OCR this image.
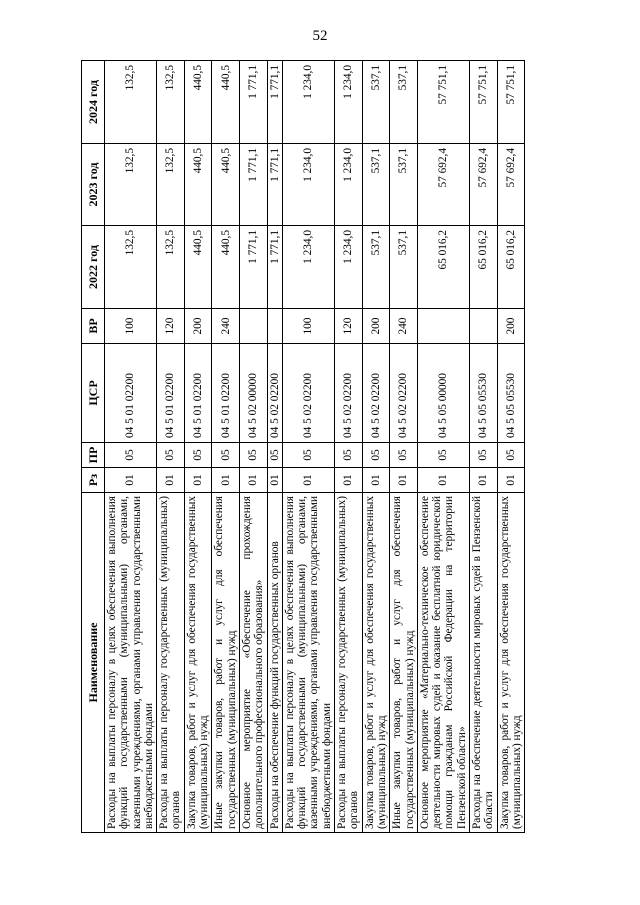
52
Наименование	Рз	ПР	ЦСР	ВР	2022 год	2023 год	2024 год
Расходы на выплаты персоналу в целях обеспечения выполнения функций государственными (муниципальными) органами, казенными учреждениями, органами управления государственными внебюджетными фондами	01	05	04 5 01 02200	100	132,5	132,5	132,5
Расходы на выплаты персоналу государственных (муниципальных) органов	01	05	04 5 01 02200	120	132,5	132,5	132,5
Закупка товаров, работ и услуг для обеспечения государственных (муниципальных) нужд	01	05	04 5 01 02200	200	440,5	440,5	440,5
Иные закупки товаров, работ и услуг для обеспечения государственных (муниципальных) нужд	01	05	04 5 01 02200	240	440,5	440,5	440,5
Основное мероприятие «Обеспечение прохождения дополнительного профессионального образования»	01	05	04 5 02 00000		1 771,1	1 771,1	1 771,1
Расходы на обеспечение функций государственных органов	01	05	04 5 02 02200		1 771,1	1 771,1	1 771,1
Расходы на выплаты персоналу в целях обеспечения выполнения функций государственными (муниципальными) органами, казенными учреждениями, органами управления государственными внебюджетными фондами	01	05	04 5 02 02200	100	1 234,0	1 234,0	1 234,0
Расходы на выплаты персоналу государственных (муниципальных) органов	01	05	04 5 02 02200	120	1 234,0	1 234,0	1 234,0
Закупка товаров, работ и услуг для обеспечения государственных (муниципальных) нужд	01	05	04 5 02 02200	200	537,1	537,1	537,1
Иные закупки товаров, работ и услуг для обеспечения государственных (муниципальных) нужд	01	05	04 5 02 02200	240	537,1	537,1	537,1
Основное мероприятие «Материально-техническое обеспечение деятельности мировых судей и оказание бесплатной юридической помощи гражданам Российской Федерации на территории Пензенской области»	01	05	04 5 05 00000		65 016,2	57 692,4	57 751,1
Расходы на обеспечение деятельности мировых судей в Пензенской области	01	05	04 5 05 05530		65 016,2	57 692,4	57 751,1
Закупка товаров, работ и услуг для обеспечения государственных (муниципальных) нужд	01	05	04 5 05 05530	200	65 016,2	57 692,4	57 751,1
